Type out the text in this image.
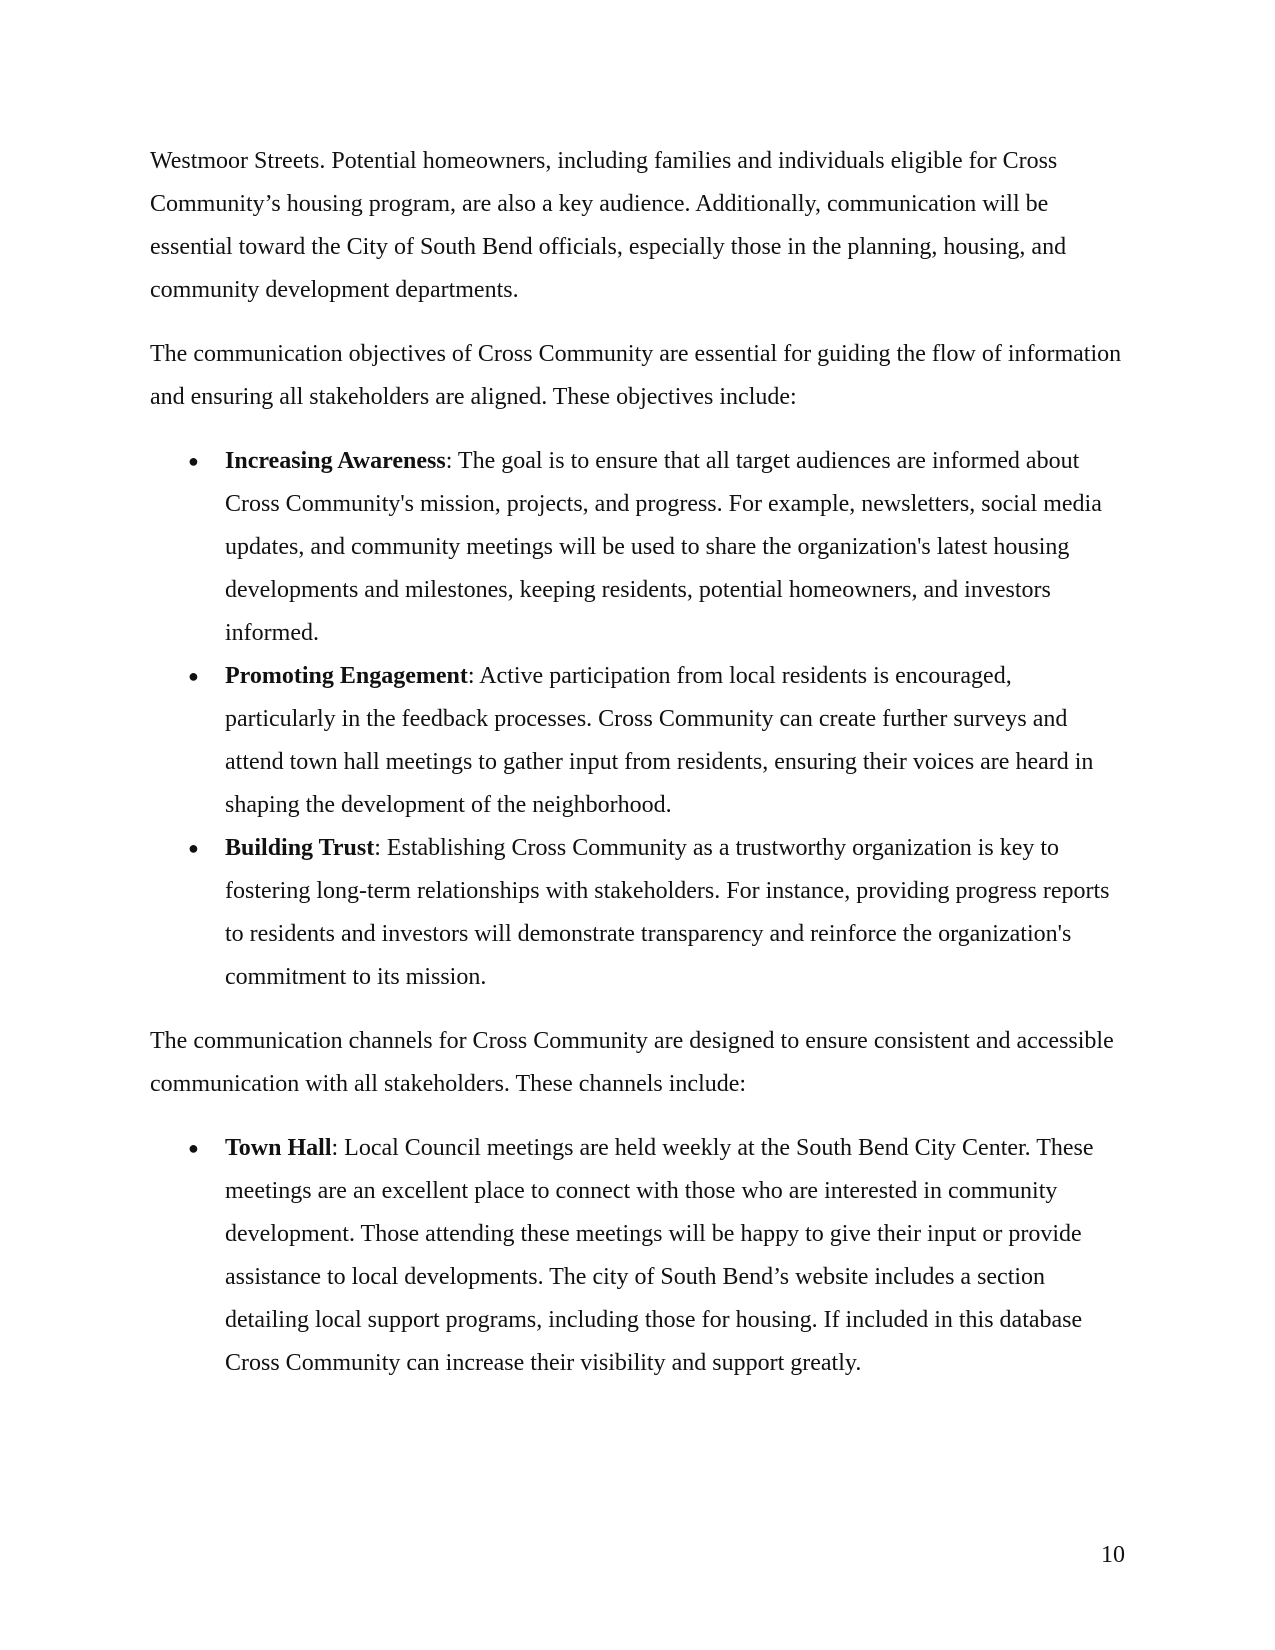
Westmoor Streets. Potential homeowners, including families and individuals eligible for Cross Community’s housing program, are also a key audience. Additionally, communication will be essential toward the City of South Bend officials, especially those in the planning, housing, and community development departments.

The communication objectives of Cross Community are essential for guiding the flow of information and ensuring all stakeholders are aligned. These objectives include:

● Increasing Awareness: The goal is to ensure that all target audiences are informed about Cross Community's mission, projects, and progress. For example, newsletters, social media updates, and community meetings will be used to share the organization's latest housing developments and milestones, keeping residents, potential homeowners, and investors informed.
● Promoting Engagement: Active participation from local residents is encouraged, particularly in the feedback processes. Cross Community can create further surveys and attend town hall meetings to gather input from residents, ensuring their voices are heard in shaping the development of the neighborhood.
● Building Trust: Establishing Cross Community as a trustworthy organization is key to fostering long-term relationships with stakeholders. For instance, providing progress reports to residents and investors will demonstrate transparency and reinforce the organization's commitment to its mission.

The communication channels for Cross Community are designed to ensure consistent and accessible communication with all stakeholders. These channels include:

● Town Hall: Local Council meetings are held weekly at the South Bend City Center. These meetings are an excellent place to connect with those who are interested in community development. Those attending these meetings will be happy to give their input or provide assistance to local developments. The city of South Bend’s website includes a section detailing local support programs, including those for housing. If included in this database Cross Community can increase their visibility and support greatly.
10
